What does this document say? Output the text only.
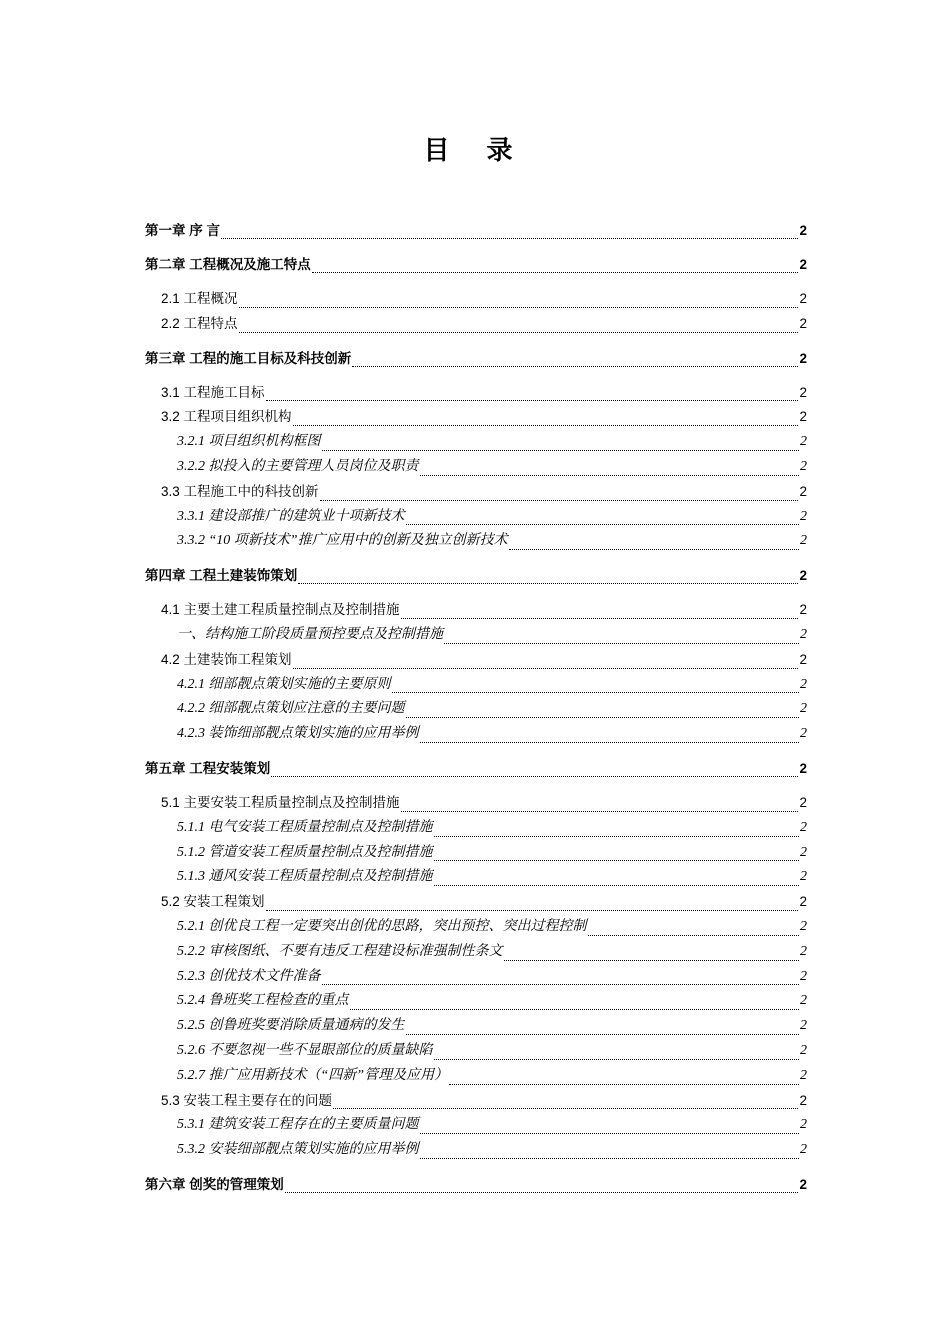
目 录
第一章 序 言	2
第二章 工程概况及施工特点	2
2.1 工程概况	2
2.2 工程特点	2
第三章 工程的施工目标及科技创新	2
3.1 工程施工目标	2
3.2 工程项目组织机构	2
3.2.1 项目组织机构框图	2
3.2.2 拟投入的主要管理人员岗位及职责	2
3.3 工程施工中的科技创新	2
3.3.1 建设部推广的建筑业十项新技术	2
3.3.2 “10 项新技术”推广应用中的创新及独立创新技术	2
第四章 工程土建装饰策划	2
4.1 主要土建工程质量控制点及控制措施	2
一、结构施工阶段质量预控要点及控制措施	2
4.2 土建装饰工程策划	2
4.2.1 细部靓点策划实施的主要原则	2
4.2.2 细部靓点策划应注意的主要问题	2
4.2.3 装饰细部靓点策划实施的应用举例	2
第五章 工程安装策划	2
5.1 主要安装工程质量控制点及控制措施	2
5.1.1 电气安装工程质量控制点及控制措施	2
5.1.2 管道安装工程质量控制点及控制措施	2
5.1.3 通风安装工程质量控制点及控制措施	2
5.2 安装工程策划	2
5.2.1 创优良工程一定要突出创优的思路，突出预控、突出过程控制	2
5.2.2 审核图纸、不要有违反工程建设标准强制性条文	2
5.2.3 创优技术文件准备	2
5.2.4 鲁班奖工程检查的重点	2
5.2.5 创鲁班奖要消除质量通病的发生	2
5.2.6 不要忽视一些不显眼部位的质量缺陷	2
5.2.7 推广应用新技术（“四新”管理及应用）	2
5.3 安装工程主要存在的问题	2
5.3.1 建筑安装工程存在的主要质量问题	2
5.3.2 安装细部靓点策划实施的应用举例	2
第六章 创奖的管理策划	2
